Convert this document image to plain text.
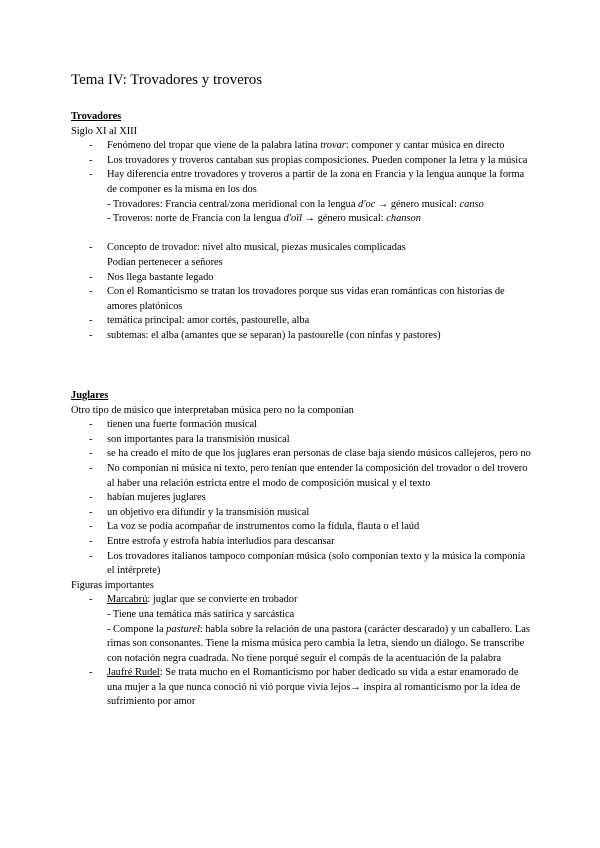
Tema IV: Trovadores y troveros
Trovadores
Siglo XI al XIII
- Fenómeno del tropar que viene de la palabra latina trovar: componer y cantar música en directo
- Los trovadores y troveros cantaban sus propias composiciones. Pueden componer la letra y la música
- Hay diferencia entre trovadores y troveros a partir de la zona en Francia y la lengua aunque la forma de componer es la misma en los dos
- Trovadores: Francia central/zona meridional con la lengua d'oc → género musical: canso
- Troveros: norte de Francia con la lengua d'oïl → género musical: chanson
- Concepto de trovador: nivel alto musical, piezas musicales complicadas
Podían pertenecer a señores
- Nos llega bastante legado
- Con el Romanticismo se tratan los trovadores porque sus vidas eran románticas con historias de amores platónicos
- temática principal: amor cortés, pastourelle, alba
- subtemas: el alba (amantes que se separan) la pastourelle (con ninfas y pastores)
Juglares
Otro tipo de músico que interpretaban música pero no la componían
- tienen una fuerte formación musical
- son importantes para la transmisión musical
- se ha creado el mito de que los juglares eran personas de clase baja siendo músicos callejeros, pero no
- No componían ni música ni texto, pero tenían que entender la composición del trovador o del trovero al haber una relación estricta entre el modo de composición musical y el texto
- habían mujeres juglares
- un objetivo era difundir y la transmisión musical
- La voz se podía acompañar de instrumentos como la fídula, flauta o el laúd
- Entre estrofa y estrofa había interludios para descansar
- Los trovadores italianos tampoco componían música (solo componían texto y la música la componía el intérprete)
Figuras importantes
- Marcabrú: juglar que se convierte en trobador
- Tiene una temática más satírica y sarcástica
- Compone la pasturel: habla sobre la relación de una pastora (carácter descarado) y un caballero. Las rimas son consonantes. Tiene la misma música pero cambia la letra, siendo un diálogo. Se transcribe con notación negra cuadrada. No tiene porqué seguir el compás de la acentuación de la palabra
- Jaufré Rudel: Se trata mucho en el Romanticismo por haber dedicado su vida a estar enamorado de una mujer a la que nunca conoció ni vió porque vivía lejos→ inspira al romanticismo por la idea de sufrimiento por amor
